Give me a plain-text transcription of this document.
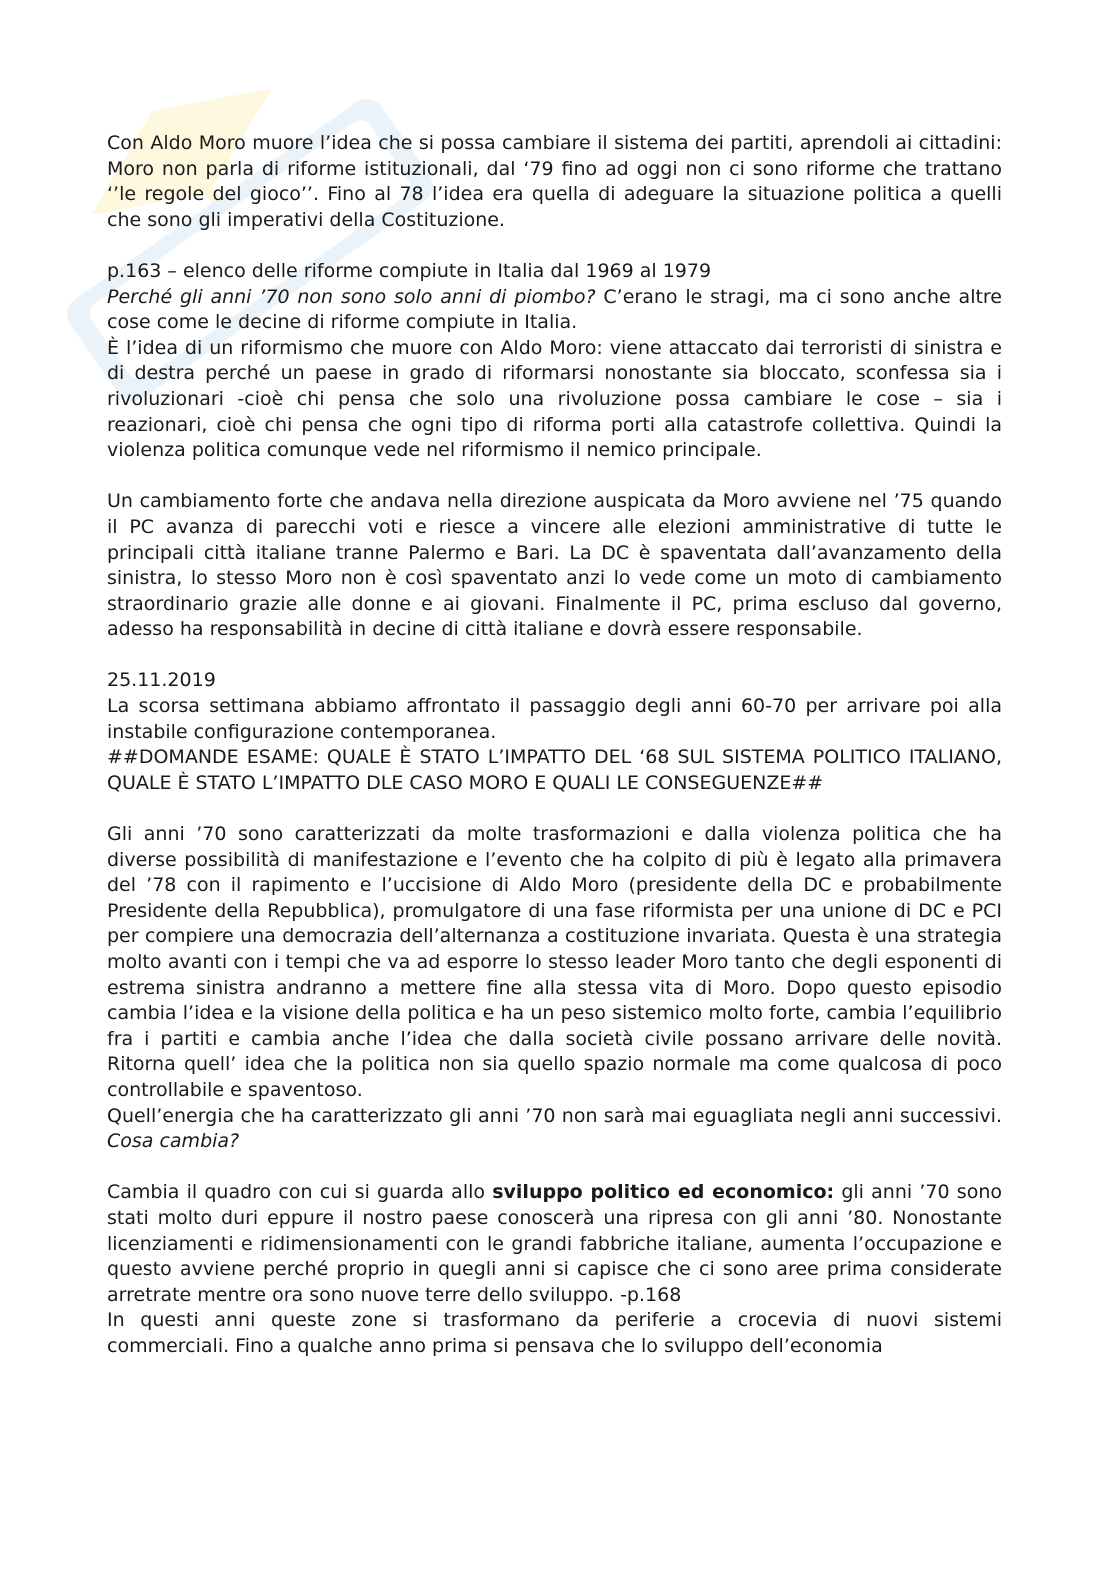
Con Aldo Moro muore l’idea che si possa cambiare il sistema dei partiti, aprendoli ai cittadini: Moro non parla di riforme istituzionali, dal ‘79 fino ad oggi non ci sono riforme che trattano ‘’le regole del gioco’’. Fino al 78 l’idea era quella di adeguare la situazione politica a quelli che sono gli imperativi della Costituzione.

p.163 – elenco delle riforme compiute in Italia dal 1969 al 1979

Perché gli anni ’70 non sono solo anni di piombo? C’erano le stragi, ma ci sono anche altre cose come le decine di riforme compiute in Italia.

È l’idea di un riformismo che muore con Aldo Moro: viene attaccato dai terroristi di sinistra e di destra perché un paese in grado di riformarsi nonostante sia bloccato, sconfessa sia i rivoluzionari -cioè chi pensa che solo una rivoluzione possa cambiare le cose – sia i reazionari, cioè chi pensa che ogni tipo di riforma porti alla catastrofe collettiva. Quindi la violenza politica comunque vede nel riformismo il nemico principale.

Un cambiamento forte che andava nella direzione auspicata da Moro avviene nel ’75 quando il PC avanza di parecchi voti e riesce a vincere alle elezioni amministrative di tutte le principali città italiane tranne Palermo e Bari. La DC è spaventata dall’avanzamento della sinistra, lo stesso Moro non è così spaventato anzi lo vede come un moto di cambiamento straordinario grazie alle donne e ai giovani. Finalmente il PC, prima escluso dal governo, adesso ha responsabilità in decine di città italiane e dovrà essere responsabile.

25.11.2019

La scorsa settimana abbiamo affrontato il passaggio degli anni 60-70 per arrivare poi alla instabile configurazione contemporanea.

##DOMANDE ESAME: QUALE È STATO L’IMPATTO DEL ‘68 SUL SISTEMA POLITICO ITALIANO, QUALE È STATO L’IMPATTO DLE CASO MORO E QUALI LE CONSEGUENZE##

Gli anni ’70 sono caratterizzati da molte trasformazioni e dalla violenza politica che ha diverse possibilità di manifestazione e l’evento che ha colpito di più è legato alla primavera del ’78 con il rapimento e l’uccisione di Aldo Moro (presidente della DC e probabilmente Presidente della Repubblica), promulgatore di una fase riformista per una unione di DC e PCI per compiere una democrazia dell’alternanza a costituzione invariata. Questa è una strategia molto avanti con i tempi che va ad esporre lo stesso leader Moro tanto che degli esponenti di estrema sinistra andranno a mettere fine alla stessa vita di Moro. Dopo questo episodio cambia l’idea e la visione della politica e ha un peso sistemico molto forte, cambia l’equilibrio fra i partiti e cambia anche l’idea che dalla società civile possano arrivare delle novità. Ritorna quell’ idea che la politica non sia quello spazio normale ma come qualcosa di poco controllabile e spaventoso.

Quell’energia che ha caratterizzato gli anni ’70 non sarà mai eguagliata negli anni successivi. Cosa cambia?

Cambia il quadro con cui si guarda allo sviluppo politico ed economico: gli anni ’70 sono stati molto duri eppure il nostro paese conoscerà una ripresa con gli anni ’80. Nonostante licenziamenti e ridimensionamenti con le grandi fabbriche italiane, aumenta l’occupazione e questo avviene perché proprio in quegli anni si capisce che ci sono aree prima considerate arretrate mentre ora sono nuove terre dello sviluppo. -p.168

In questi anni queste zone si trasformano da periferie a crocevia di nuovi sistemi commerciali. Fino a qualche anno prima si pensava che lo sviluppo dell’economia
